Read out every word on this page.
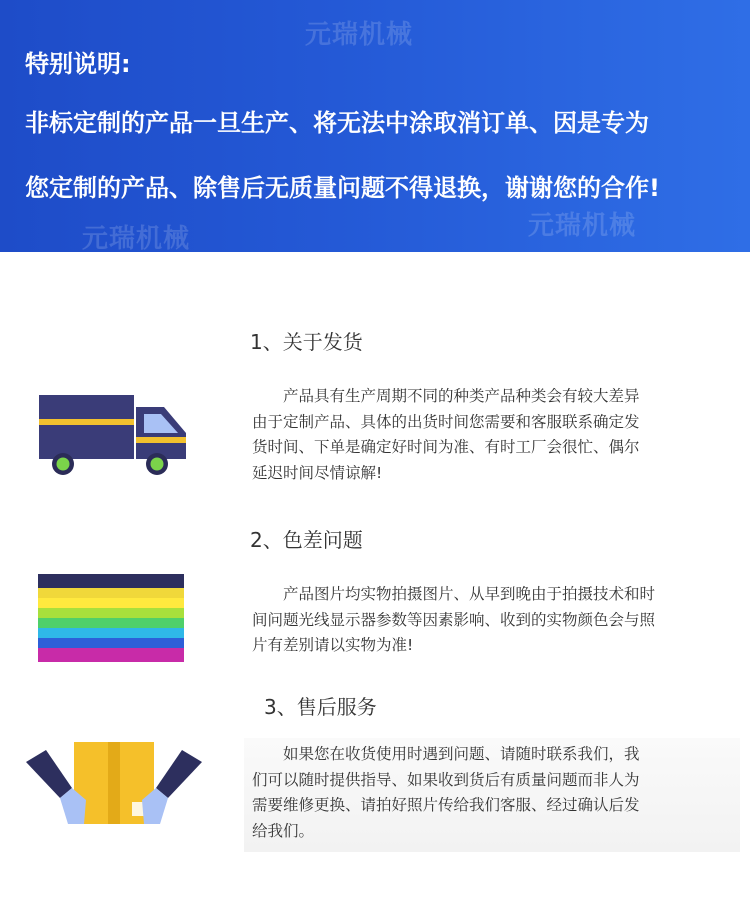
元瑞机械
元瑞机械	元瑞机械
特别说明:
非标定制的产品一旦生产、将无法中涂取消订单、因是专为
您定制的产品、除售后无质量问题不得退换，谢谢您的合作!
1、关于发货
产品具有生产周期不同的种类产品种类会有较大差异
由于定制产品、具体的出货时间您需要和客服联系确定发
货时间、下单是确定好时间为准、有时工厂会很忙、偶尔
延迟时间尽情谅解!
2、色差问题
产品图片均实物拍摄图片、从早到晚由于拍摄技术和时
间问题光线显示器参数等因素影响、收到的实物颜色会与照
片有差别请以实物为准!
3、售后服务
如果您在收货使用时遇到问题、请随时联系我们，我
们可以随时提供指导、如果收到货后有质量问题而非人为
需要维修更换、请拍好照片传给我们客服、经过确认后发
给我们。
